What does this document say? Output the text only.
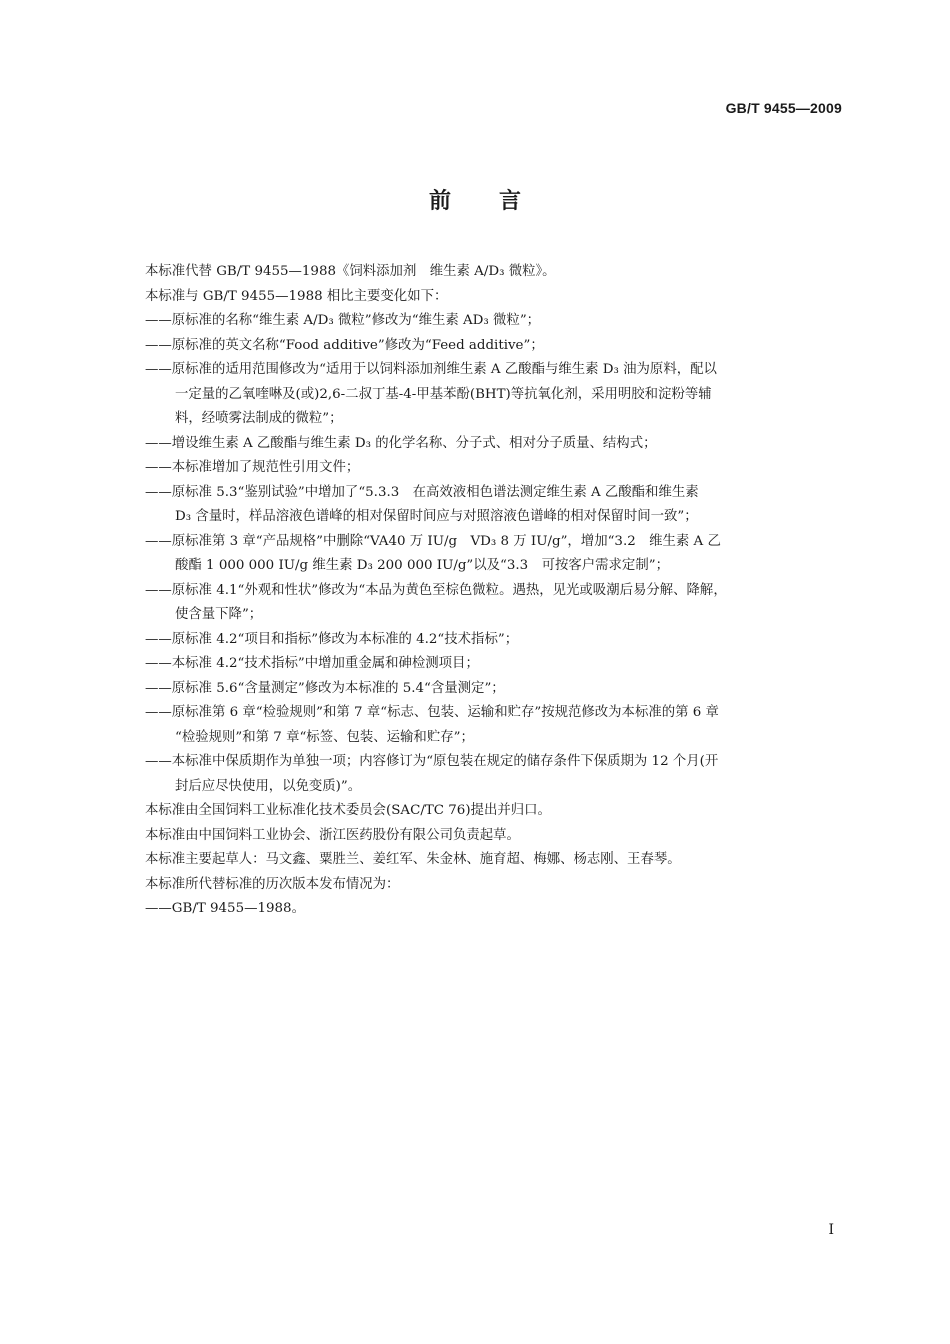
GB/T 9455—2009
前言
本标准代替 GB/T 9455—1988《饲料添加剂　维生素 A/D₃ 微粒》。
本标准与 GB/T 9455—1988 相比主要变化如下：
——原标准的名称“维生素 A/D₃ 微粒”修改为“维生素 AD₃ 微粒”；
——原标准的英文名称“Food additive”修改为“Feed additive”；
——原标准的适用范围修改为“适用于以饲料添加剂维生素 A 乙酸酯与维生素 D₃ 油为原料，配以
一定量的乙氧喹啉及(或)2,6-二叔丁基-4-甲基苯酚(BHT)等抗氧化剂，采用明胶和淀粉等辅
料，经喷雾法制成的微粒”；
——增设维生素 A 乙酸酯与维生素 D₃ 的化学名称、分子式、相对分子质量、结构式；
——本标准增加了规范性引用文件；
——原标准 5.3“鉴别试验”中增加了“5.3.3　在高效液相色谱法测定维生素 A 乙酸酯和维生素
D₃ 含量时，样品溶液色谱峰的相对保留时间应与对照溶液色谱峰的相对保留时间一致”；
——原标准第 3 章“产品规格”中删除“VA40 万 IU/g　VD₃ 8 万 IU/g”，增加“3.2　维生素 A 乙
酸酯 1 000 000 IU/g 维生素 D₃ 200 000 IU/g”以及“3.3　可按客户需求定制”；
——原标准 4.1“外观和性状”修改为“本品为黄色至棕色微粒。遇热，见光或吸潮后易分解、降解，
使含量下降”；
——原标准 4.2“项目和指标”修改为本标准的 4.2“技术指标”；
——本标准 4.2“技术指标”中增加重金属和砷检测项目；
——原标准 5.6“含量测定”修改为本标准的 5.4“含量测定”；
——原标准第 6 章“检验规则”和第 7 章“标志、包装、运输和贮存”按规范修改为本标准的第 6 章
“检验规则”和第 7 章“标签、包装、运输和贮存”；
——本标准中保质期作为单独一项；内容修订为“原包装在规定的储存条件下保质期为 12 个月(开
封后应尽快使用，以免变质)”。
本标准由全国饲料工业标准化技术委员会(SAC/TC 76)提出并归口。
本标准由中国饲料工业协会、浙江医药股份有限公司负责起草。
本标准主要起草人：马文鑫、粟胜兰、姜红军、朱金林、施育超、梅娜、杨志刚、王春琴。
本标准所代替标准的历次版本发布情况为：
——GB/T 9455—1988。
I
